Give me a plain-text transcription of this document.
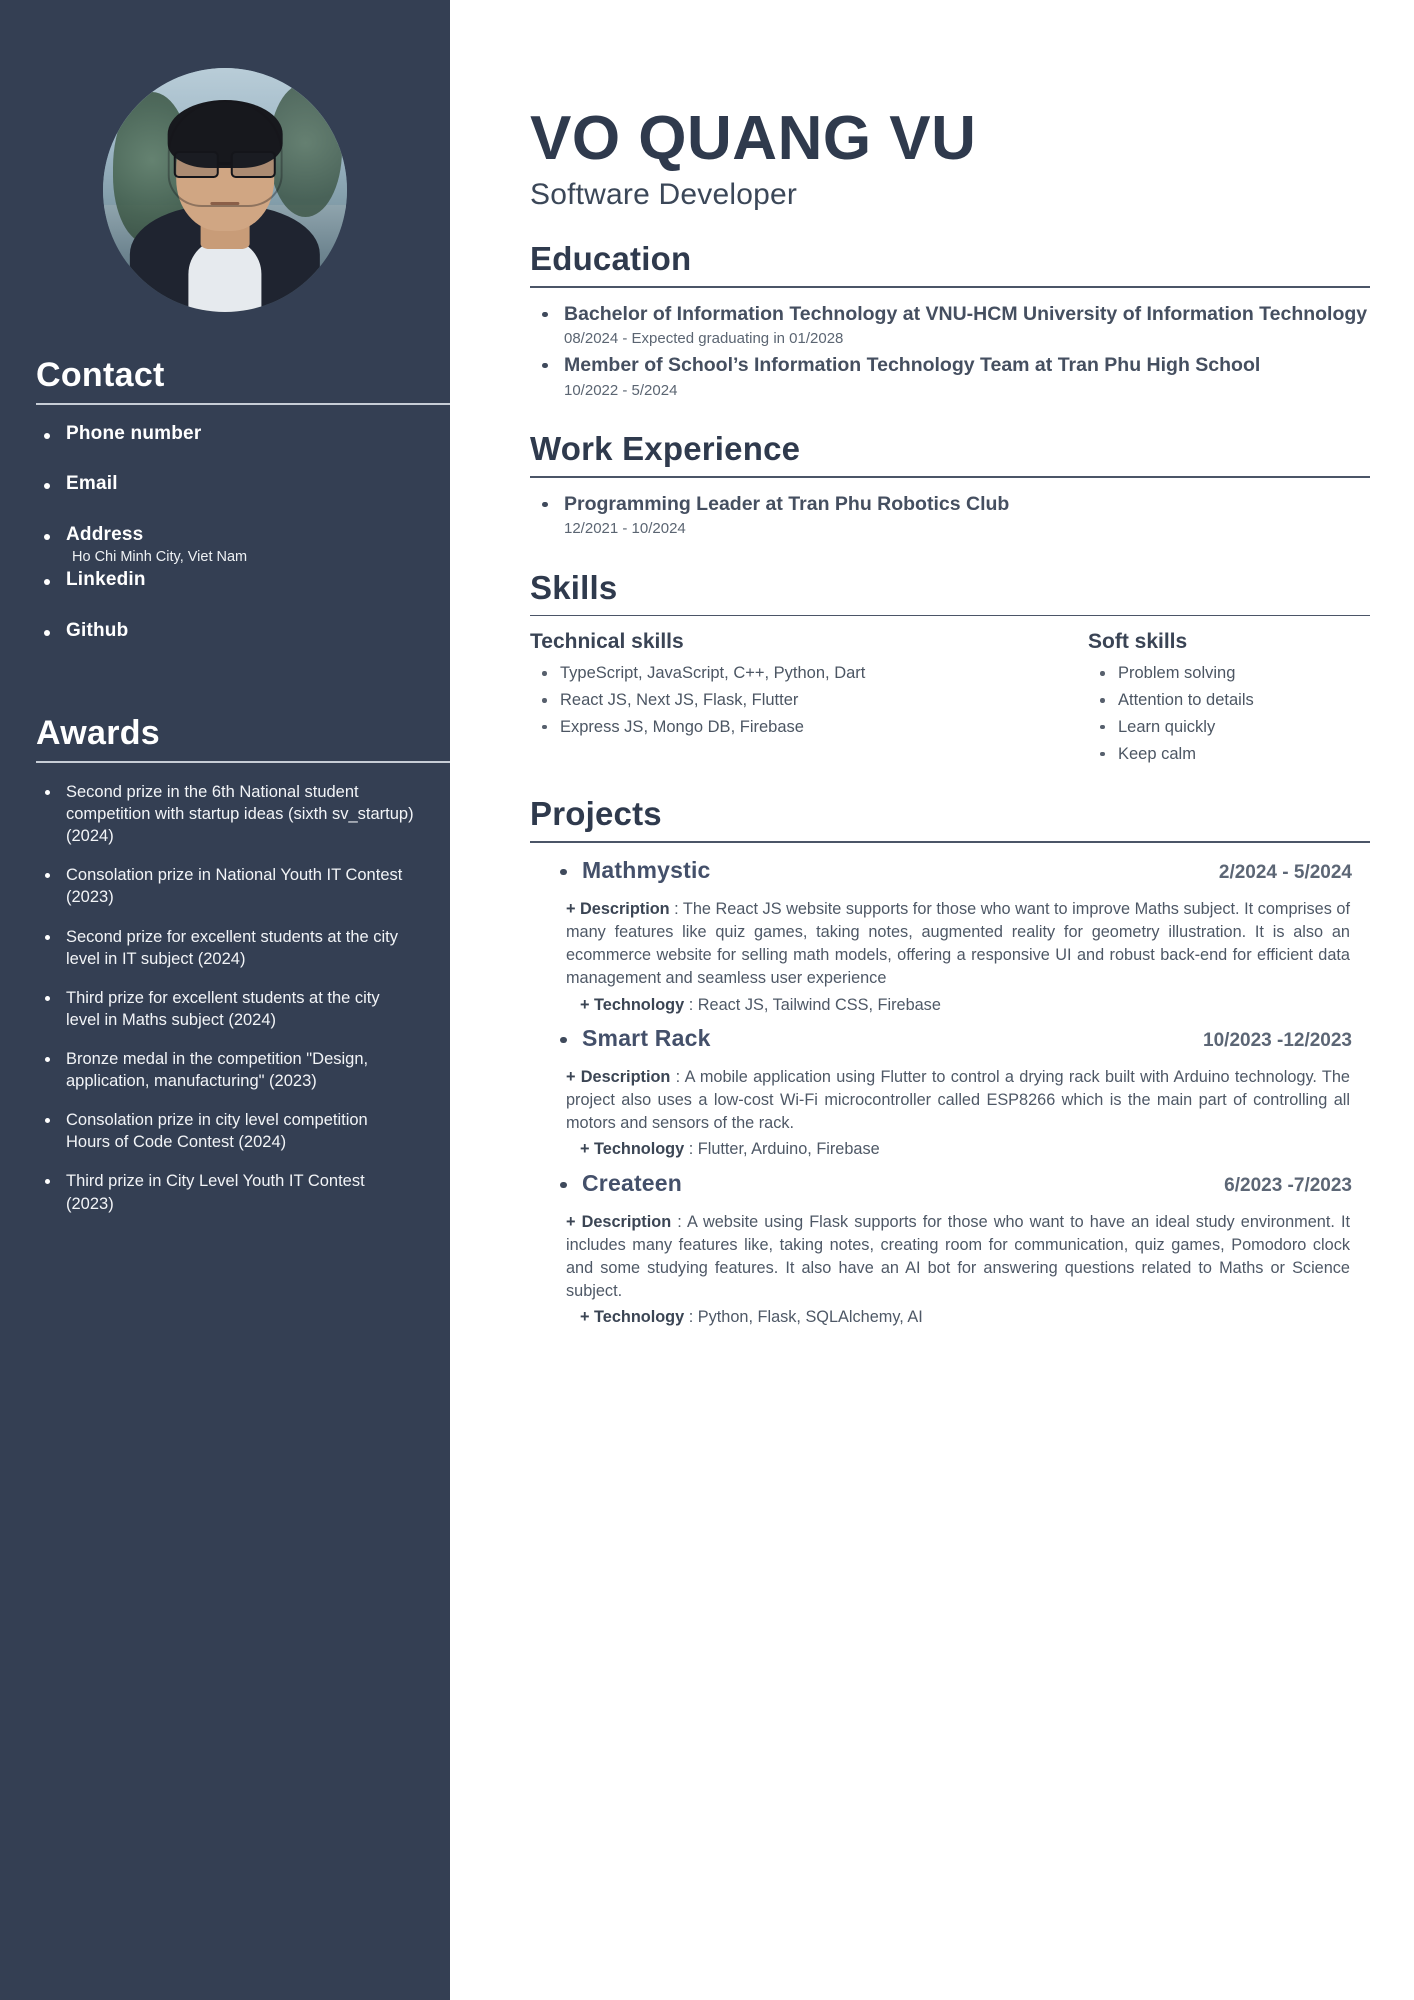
Contact
Phone number
Email
Address
Ho Chi Minh City, Viet Nam
Linkedin
Github
Awards
Second prize in the 6th National student competition with startup ideas (sixth sv_startup) (2024)
Consolation prize in National Youth IT Contest (2023)
Second prize for excellent students at the city level in IT subject (2024)
Third prize for excellent students at the city level in Maths subject (2024)
Bronze medal in the competition "Design, application, manufacturing" (2023)
Consolation prize in city level competition Hours of Code Contest (2024)
Third prize in City Level Youth IT Contest (2023)
VO QUANG VU
Software Developer
Education
Bachelor of Information Technology at VNU-HCM University of Information Technology
08/2024 - Expected graduating in 01/2028
Member of School’s Information Technology Team at Tran Phu High School
10/2022 - 5/2024
Work Experience
Programming Leader at Tran Phu Robotics Club
12/2021 - 10/2024
Skills
Technical skills
TypeScript, JavaScript, C++, Python, Dart
React JS, Next JS, Flask, Flutter
Express JS, Mongo DB, Firebase
Soft skills
Problem solving
Attention to details
Learn quickly
Keep calm
Projects
Mathmystic	2/2024 - 5/2024
+ Description : The React JS website supports for those who want to improve Maths subject. It comprises of many features like quiz games, taking notes, augmented reality for geometry illustration. It is also an ecommerce website for selling math models, offering a responsive UI and robust back-end for efficient data management and seamless user experience
+ Technology : React JS, Tailwind CSS, Firebase
Smart Rack	10/2023 -12/2023
+ Description : A mobile application using Flutter to control a drying rack built with Arduino technology. The project also uses a low-cost Wi-Fi microcontroller called ESP8266 which is the main part of controlling all motors and sensors of the rack.
+ Technology : Flutter, Arduino, Firebase
Createen	6/2023 -7/2023
+ Description : A website using Flask supports for those who want to have an ideal study environment. It includes many features like, taking notes, creating room for communication, quiz games, Pomodoro clock and some studying features. It also have an AI bot for answering questions related to Maths or Science subject.
+ Technology : Python, Flask, SQLAlchemy, AI
